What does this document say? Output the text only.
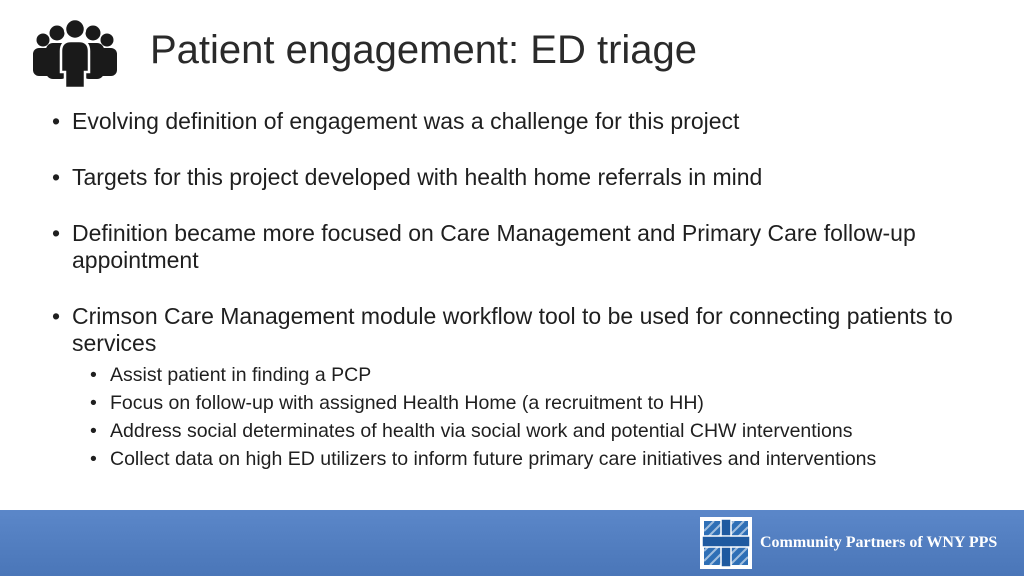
Patient engagement: ED triage
• Evolving definition of engagement was a challenge for this project
• Targets for this project developed with health home referrals in mind
• Definition became more focused on Care Management and Primary Care follow-up appointment
• Crimson Care Management module workflow tool to be used for connecting patients to services
• Assist patient in finding a PCP
• Focus on follow-up with assigned Health Home (a recruitment to HH)
• Address social determinates of health via social work and potential CHW interventions
• Collect data on high ED utilizers to inform future primary care initiatives and interventions
Community Partners of WNY PPS
